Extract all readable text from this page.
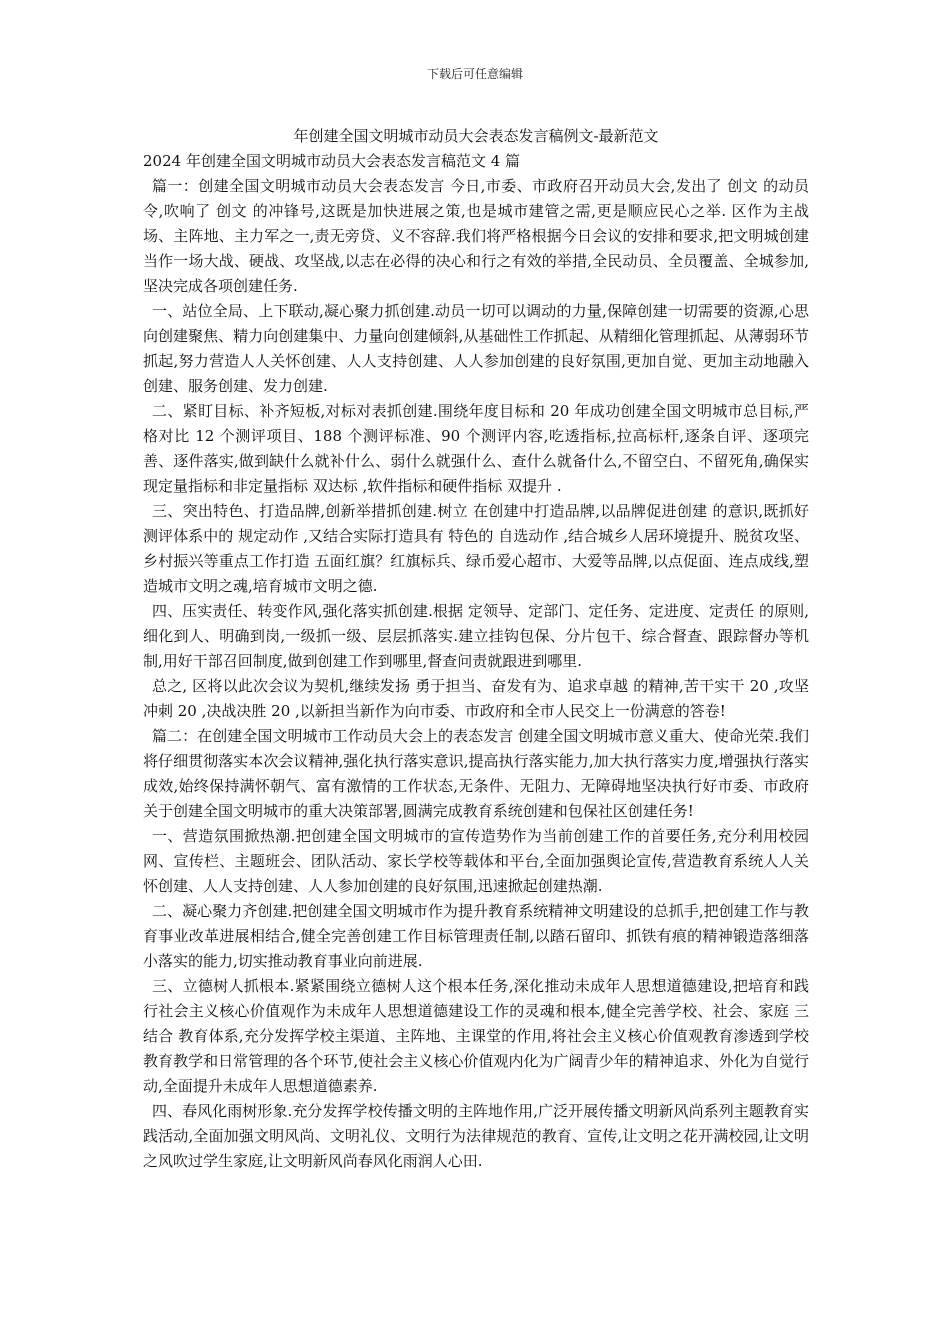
下载后可任意编辑
年创建全国文明城市动员大会表态发言稿例文-最新范文
2024 年创建全国文明城市动员大会表态发言稿范文 4 篇

篇一：创建全国文明城市动员大会表态发言 今日,市委、市政府召开动员大会,发出了 创文 的动员令,吹响了 创文 的冲锋号,这既是加快进展之策,也是城市建管之需,更是顺应民心之举. 区作为主战场、主阵地、主力军之一,责无旁贷、义不容辞.我们将严格根据今日会议的安排和要求,把文明城创建当作一场大战、硬战、攻坚战,以志在必得的决心和行之有效的举措,全民动员、全员覆盖、全城参加,坚决完成各项创建任务.

一、站位全局、上下联动,凝心聚力抓创建.动员一切可以调动的力量,保障创建一切需要的资源,心思向创建聚焦、精力向创建集中、力量向创建倾斜,从基础性工作抓起、从精细化管理抓起、从薄弱环节抓起,努力营造人人关怀创建、人人支持创建、人人参加创建的良好氛围,更加自觉、更加主动地融入创建、服务创建、发力创建.

二、紧盯目标、补齐短板,对标对表抓创建.围绕年度目标和 20 年成功创建全国文明城市总目标,严格对比 12 个测评项目、188 个测评标准、90 个测评内容,吃透指标,拉高标杆,逐条自评、逐项完善、逐件落实,做到缺什么就补什么、弱什么就强什么、查什么就备什么,不留空白、不留死角,确保实现定量指标和非定量指标 双达标 ,软件指标和硬件指标 双提升 .

三、突出特色、打造品牌,创新举措抓创建.树立 在创建中打造品牌,以品牌促进创建 的意识,既抓好测评体系中的 规定动作 ,又结合实际打造具有 特色的 自选动作 ,结合城乡人居环境提升、脱贫攻坚、乡村振兴等重点工作打造 五面红旗？红旗标兵、绿币爱心超市、大爱等品牌,以点促面、连点成线,塑造城市文明之魂,培育城市文明之德.

四、压实责任、转变作风,强化落实抓创建.根据 定领导、定部门、定任务、定进度、定责任 的原则,细化到人、明确到岗,一级抓一级、层层抓落实.建立挂钩包保、分片包干、综合督查、跟踪督办等机制,用好干部召回制度,做到创建工作到哪里,督查问责就跟进到哪里.

总之, 区将以此次会议为契机,继续发扬 勇于担当、奋发有为、追求卓越 的精神,苦干实干 20 ,攻坚冲刺 20 ,决战决胜 20 ,以新担当新作为向市委、市政府和全市人民交上一份满意的答卷!

篇二：在创建全国文明城市工作动员大会上的表态发言 创建全国文明城市意义重大、使命光荣.我们将仔细贯彻落实本次会议精神,强化执行落实意识,提高执行落实能力,加大执行落实力度,增强执行落实成效,始终保持满怀朝气、富有激情的工作状态,无条件、无阻力、无障碍地坚决执行好市委、市政府关于创建全国文明城市的重大决策部署,圆满完成教育系统创建和包保社区创建任务!

一、营造氛围掀热潮.把创建全国文明城市的宣传造势作为当前创建工作的首要任务,充分利用校园网、宣传栏、主题班会、团队活动、家长学校等载体和平台,全面加强舆论宣传,营造教育系统人人关怀创建、人人支持创建、人人参加创建的良好氛围,迅速掀起创建热潮.

二、凝心聚力齐创建.把创建全国文明城市作为提升教育系统精神文明建设的总抓手,把创建工作与教育事业改革进展相结合,健全完善创建工作目标管理责任制,以踏石留印、抓铁有痕的精神锻造落细落小落实的能力,切实推动教育事业向前进展.

三、立德树人抓根本.紧紧围绕立德树人这个根本任务,深化推动未成年人思想道德建设,把培育和践行社会主义核心价值观作为未成年人思想道德建设工作的灵魂和根本,健全完善学校、社会、家庭 三结合 教育体系,充分发挥学校主渠道、主阵地、主课堂的作用,将社会主义核心价值观教育渗透到学校教育教学和日常管理的各个环节,使社会主义核心价值观内化为广阔青少年的精神追求、外化为自觉行动,全面提升未成年人思想道德素养.

四、春风化雨树形象.充分发挥学校传播文明的主阵地作用,广泛开展传播文明新风尚系列主题教育实践活动,全面加强文明风尚、文明礼仪、文明行为法律规范的教育、宣传,让文明之花开满校园,让文明之风吹过学生家庭,让文明新风尚春风化雨润人心田.
